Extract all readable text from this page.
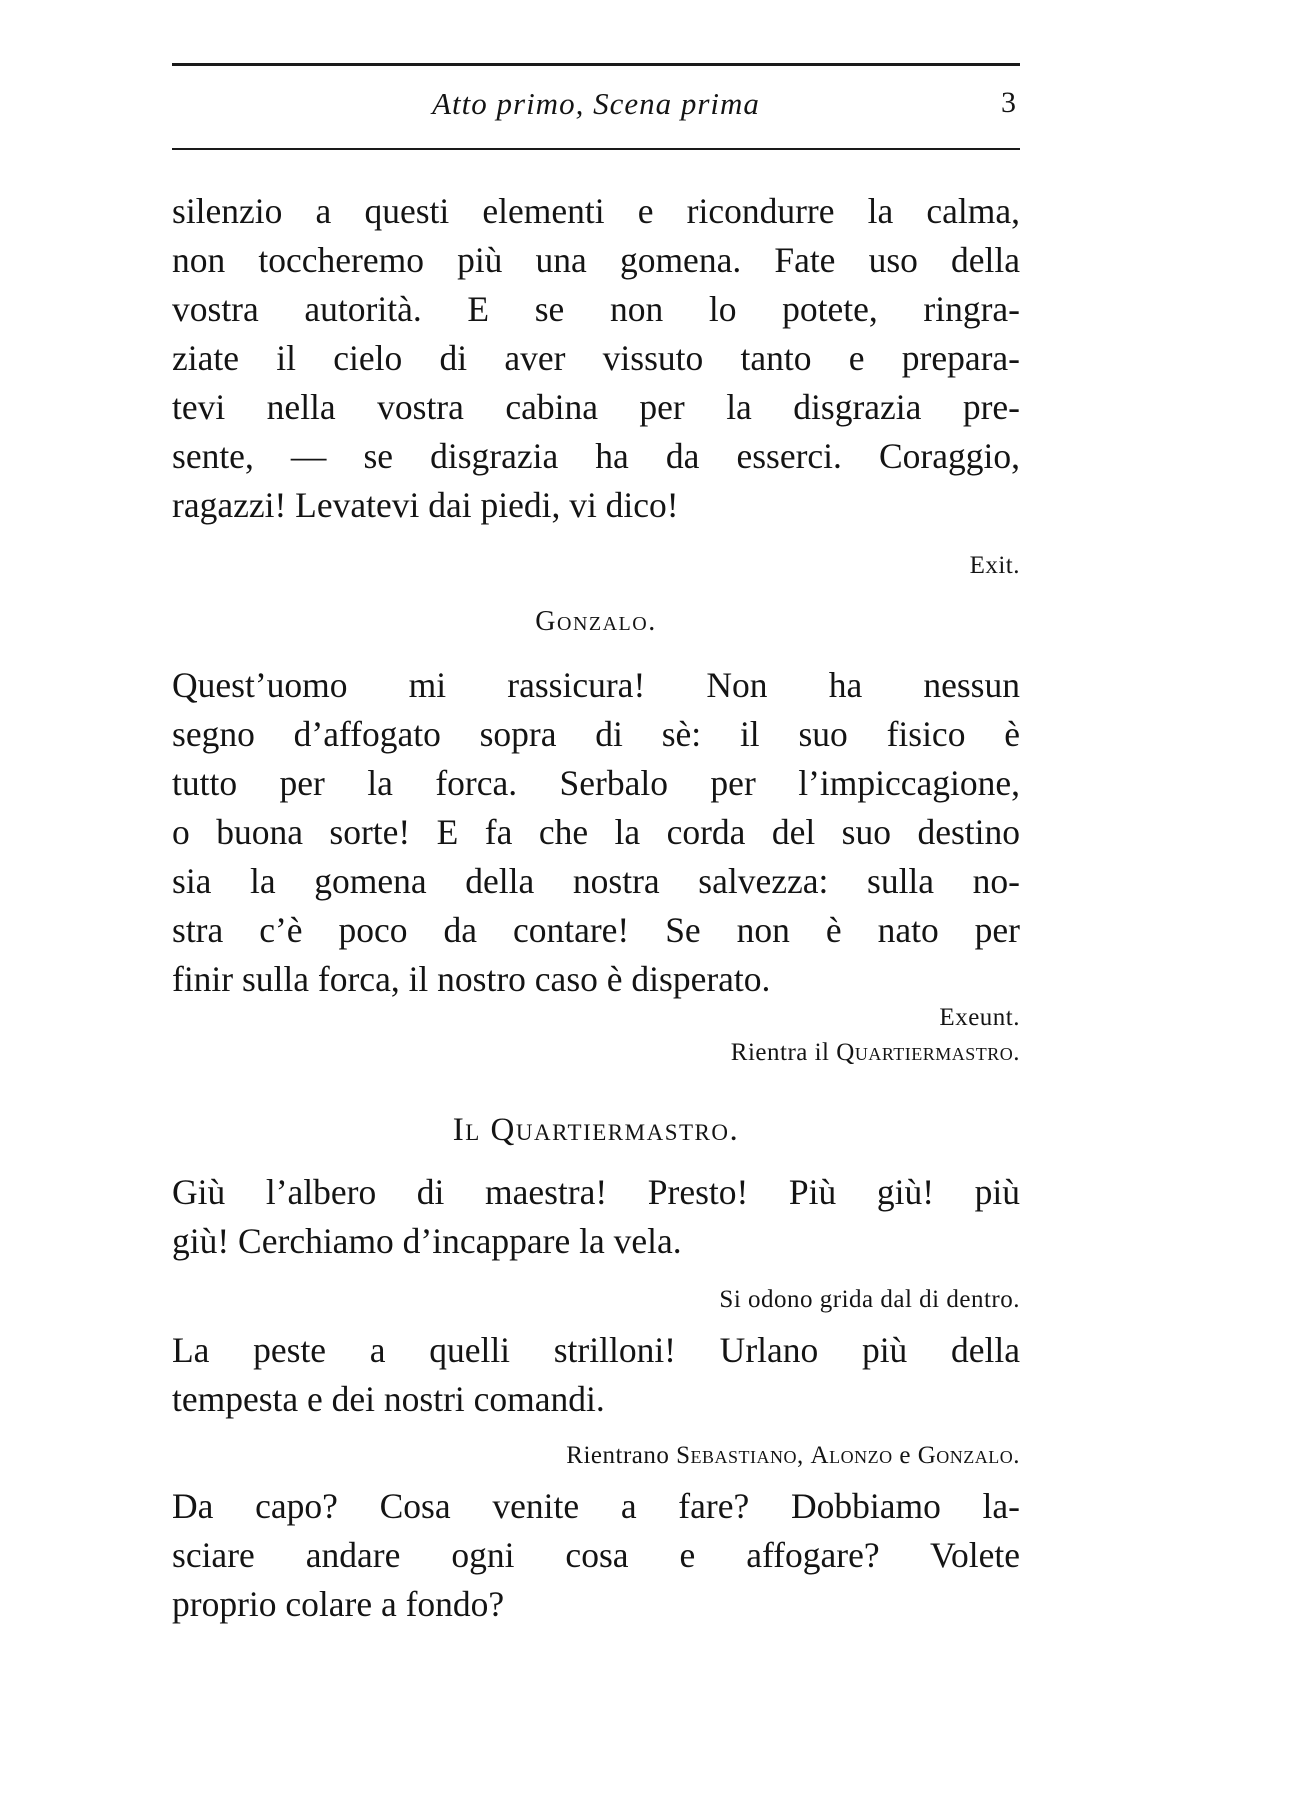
Atto primo, Scena prima	3
silenzio a questi elementi e ricondurre la calma,
non toccheremo più una gomena. Fate uso della
vostra autorità. E se non lo potete, ringra-
ziate il cielo di aver vissuto tanto e prepara-
tevi nella vostra cabina per la disgrazia pre-
sente, — se disgrazia ha da esserci. Coraggio,
ragazzi! Levatevi dai piedi, vi dico!
Exit.
Gonzalo.
Quest’uomo mi rassicura! Non ha nessun
segno d’affogato sopra di sè: il suo fisico è
tutto per la forca. Serbalo per l’impiccagione,
o buona sorte! E fa che la corda del suo destino
sia la gomena della nostra salvezza: sulla no-
stra c’è poco da contare! Se non è nato per
finir sulla forca, il nostro caso è disperato.
Exeunt.
Rientra il Quartiermastro.
Il Quartiermastro.
Giù l’albero di maestra! Presto! Più giù! più
giù! Cerchiamo d’incappare la vela.
Si odono grida dal di dentro.
La peste a quelli strilloni! Urlano più della
tempesta e dei nostri comandi.
Rientrano Sebastiano, Alonzo e Gonzalo.
Da capo? Cosa venite a fare? Dobbiamo la-
sciare andare ogni cosa e affogare? Volete
proprio colare a fondo?
